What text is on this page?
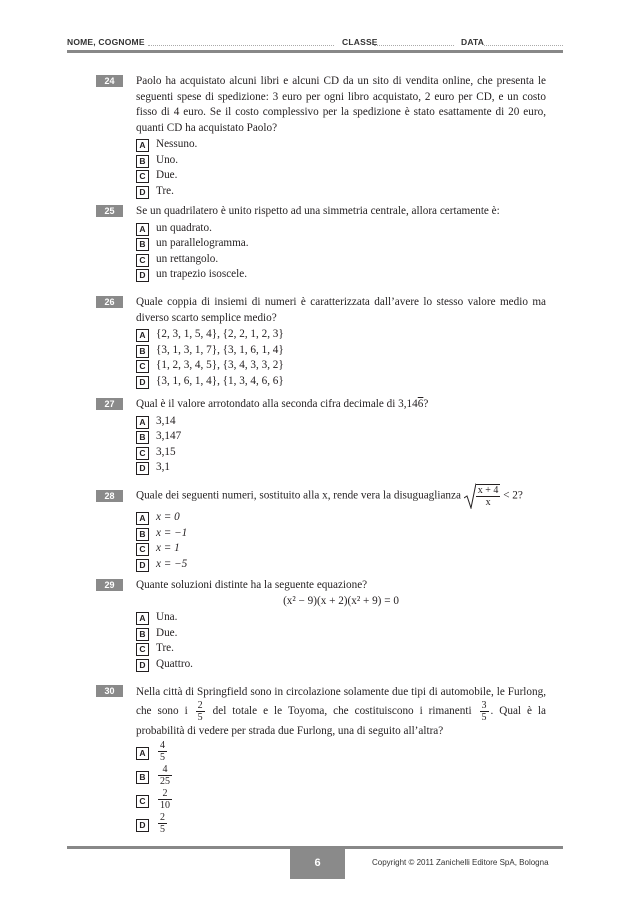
NOME, COGNOME	CLASSE	DATA
24	Paolo ha acquistato alcuni libri e alcuni CD da un sito di vendita online, che presenta le seguenti spese di spedizione: 3 euro per ogni libro acquistato, 2 euro per CD, e un costo fisso di 4 euro. Se il costo complessivo per la spedizione è stato esattamente di 20 euro, quanti CD ha acquistato Paolo?
A Nessuno.
B Uno.
C Due.
D Tre.
25	Se un quadrilatero è unito rispetto ad una simmetria centrale, allora certamente è:
A un quadrato.
B un parallelogramma.
C un rettangolo.
D un trapezio isoscele.
26	Quale coppia di insiemi di numeri è caratterizzata dall’avere lo stesso valore medio ma diverso scarto semplice medio?
A {2, 3, 1, 5, 4}, {2, 2, 1, 2, 3}
B {3, 1, 3, 1, 7}, {3, 1, 6, 1, 4}
C {1, 2, 3, 4, 5}, {3, 4, 3, 3, 2}
D {3, 1, 6, 1, 4}, {1, 3, 4, 6, 6}
27	Qual è il valore arrotondato alla seconda cifra decimale di 3,146?
A 3,14
B 3,147
C 3,15
D 3,1
28	Quale dei seguenti numeri, sostituito alla x, rende vera la disuguaglianza $\frac{x + 4}{x} < 2$?
A x = 0
B x = −1
C x = 1
D x = −5
29	Quante soluzioni distinte ha la seguente equazione?
(x² − 9)(x + 2)(x² + 9) = 0
A Una.
B Due.
C Tre.
D Quattro.
30	Nella città di Springfield sono in circolazione solamente due tipi di automobile, le Furlong, che sono i $\frac{2}{5}$ del totale e le Toyoma, che costituiscono i rimanenti $\frac{3}{5}$ . Qual è la probabilità di vedere per strada due Furlong, una di seguito all’altra?
A	$\frac{4}{5}$
B	$\frac{4}{25}$
C	$\frac{2}{10}$
D	$\frac{2}{5}$
6	Copyright © 2011 Zanichelli Editore SpA, Bologna
